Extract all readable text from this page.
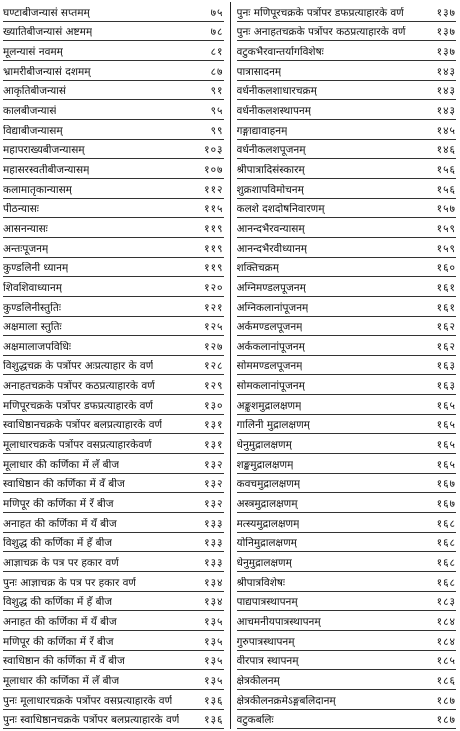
घण्टाबीजन्यासं सप्तमम्	७५
ख्यातिबीजन्यासं अष्टमम्	७८
मूलन्यासं नवमम्	८१
भ्रामरीबीजन्यासं दशमम्	८७
आकृतिबीजन्यासं	९१
कालबीजन्यासं	९५
विद्याबीजन्यासम्	९९
महापराख्यबीजन्यासम्	१०३
महासरस्वतीबीजन्यासम्	१०७
कलामातृकान्यासम्	११२
पीठन्यासः	११५
आसनन्यासः	११९
अन्तःपूजनम्	११९
कुण्डलिनी ध्यानम्	११९
शिवशिवाध्यानम्	१२०
कुण्डलिनीस्तुतिः	१२१
अक्षमाला स्तुतिः	१२५
अक्षमालाजपविधिः	१२७
विशुद्धचक्र के पत्रोंपर अःप्रत्याहार के वर्ण	१२८
अनाहतचक्रके पत्रोंपर कठप्रत्याहारके वर्ण	१२९
मणिपूरचक्रके पत्रोंपर डफप्रत्याहारके वर्ण	१३०
स्वाधिष्ठानचक्रके पत्रोंपर बलप्रत्याहारके वर्ण	१३१
मूलाधारचक्रके पत्रोंपर वसप्रत्याहारकेवर्ण	१३१
मूलाधार की कर्णिका में लँ बीज	१३२
स्वाधिष्ठान की कर्णिका में वँ बीज	१३२
मणिपूर की कर्णिका में रँ बीज	१३२
अनाहत की कर्णिका में यँ बीज	१३३
विशुद्ध की कर्णिका में हँ बीज	१३३
आज्ञाचक्र के पत्र पर हकार वर्ण	१३३
पुनः आज्ञाचक्र के पत्र पर हकार वर्ण	१३४
विशुद्ध की कर्णिका में हँ बीज	१३४
अनाहत की कर्णिका में यँ बीज	१३५
मणिपूर की कर्णिका में रँ बीज	१३५
स्वाधिष्ठान की कर्णिका में वँ बीज	१३५
मूलाधार की कर्णिका में लँ बीज	१३५
पुनः मूलाधारचक्रके पत्रोंपर वसप्रत्याहारके वर्ण	१३६
पुनः स्वाधिष्ठानचक्रके पत्रोंपर बलप्रत्याहारके वर्ण	१३६
पुनः मणिपूरचक्रके पत्रोंपर डफप्रत्याहारके वर्ण	१३७
पुनः अनाहतचक्रके पत्रोंपर कठप्रत्याहारके वर्ण	१३७
वटुकभैरवान्तर्यागविशेषः	१३७
पात्रासादनम्	१४३
वर्धनीकलशाधारचक्रम्	१४३
वर्धनीकलशस्थापनम्	१४३
गङ्गाद्यावाहनम्	१४५
वर्धनीकलशपूजनम्	१४६
श्रीपात्रादिसंस्कारम्	१५६
शुक्रशापविमोचनम्	१५६
कलशे दशदोषनिवारणम्	१५७
आनन्दभैरवन्यासम्	१५९
आनन्दभैरवीध्यानम्	१५९
शक्तिचक्रम्	१६०
अग्निमण्डलपूजनम्	१६१
अग्निकलानांपूजनम्	१६१
अर्कमण्डलपूजनम्	१६२
अर्ककलानांपूजनम्	१६२
सोममण्डलपूजनम्	१६३
सोमकलानांपूजनम्	१६३
अङ्कुशमुद्रालक्षणम्	१६५
गालिनी मुद्रालक्षणम्	१६५
धेनुमुद्रालक्षणम्	१६५
शङ्खमुद्रालक्षणम्	१६५
कवचमुद्रालक्षणम्	१६७
अस्त्रमुद्रालक्षणम्	१६७
मत्स्यमुद्रालक्षणम्	१६८
योनिमुद्रालक्षणम्	१६८
धेनुमुद्रालक्षणम्	१६८
श्रीपात्रविशेषः	१६८
पाद्यपात्रस्थापनम्	१८३
आचमनीयपात्रस्थापनम्	१८४
गुरुपात्रस्थापनम्	१८४
वीरपात्र स्थापनम्	१८५
क्षेत्रकीलनम्	१८६
क्षेत्रकीलनक्रमेऽङ्गबलिदानम्	१८७
वटुकबलिः	१८७
